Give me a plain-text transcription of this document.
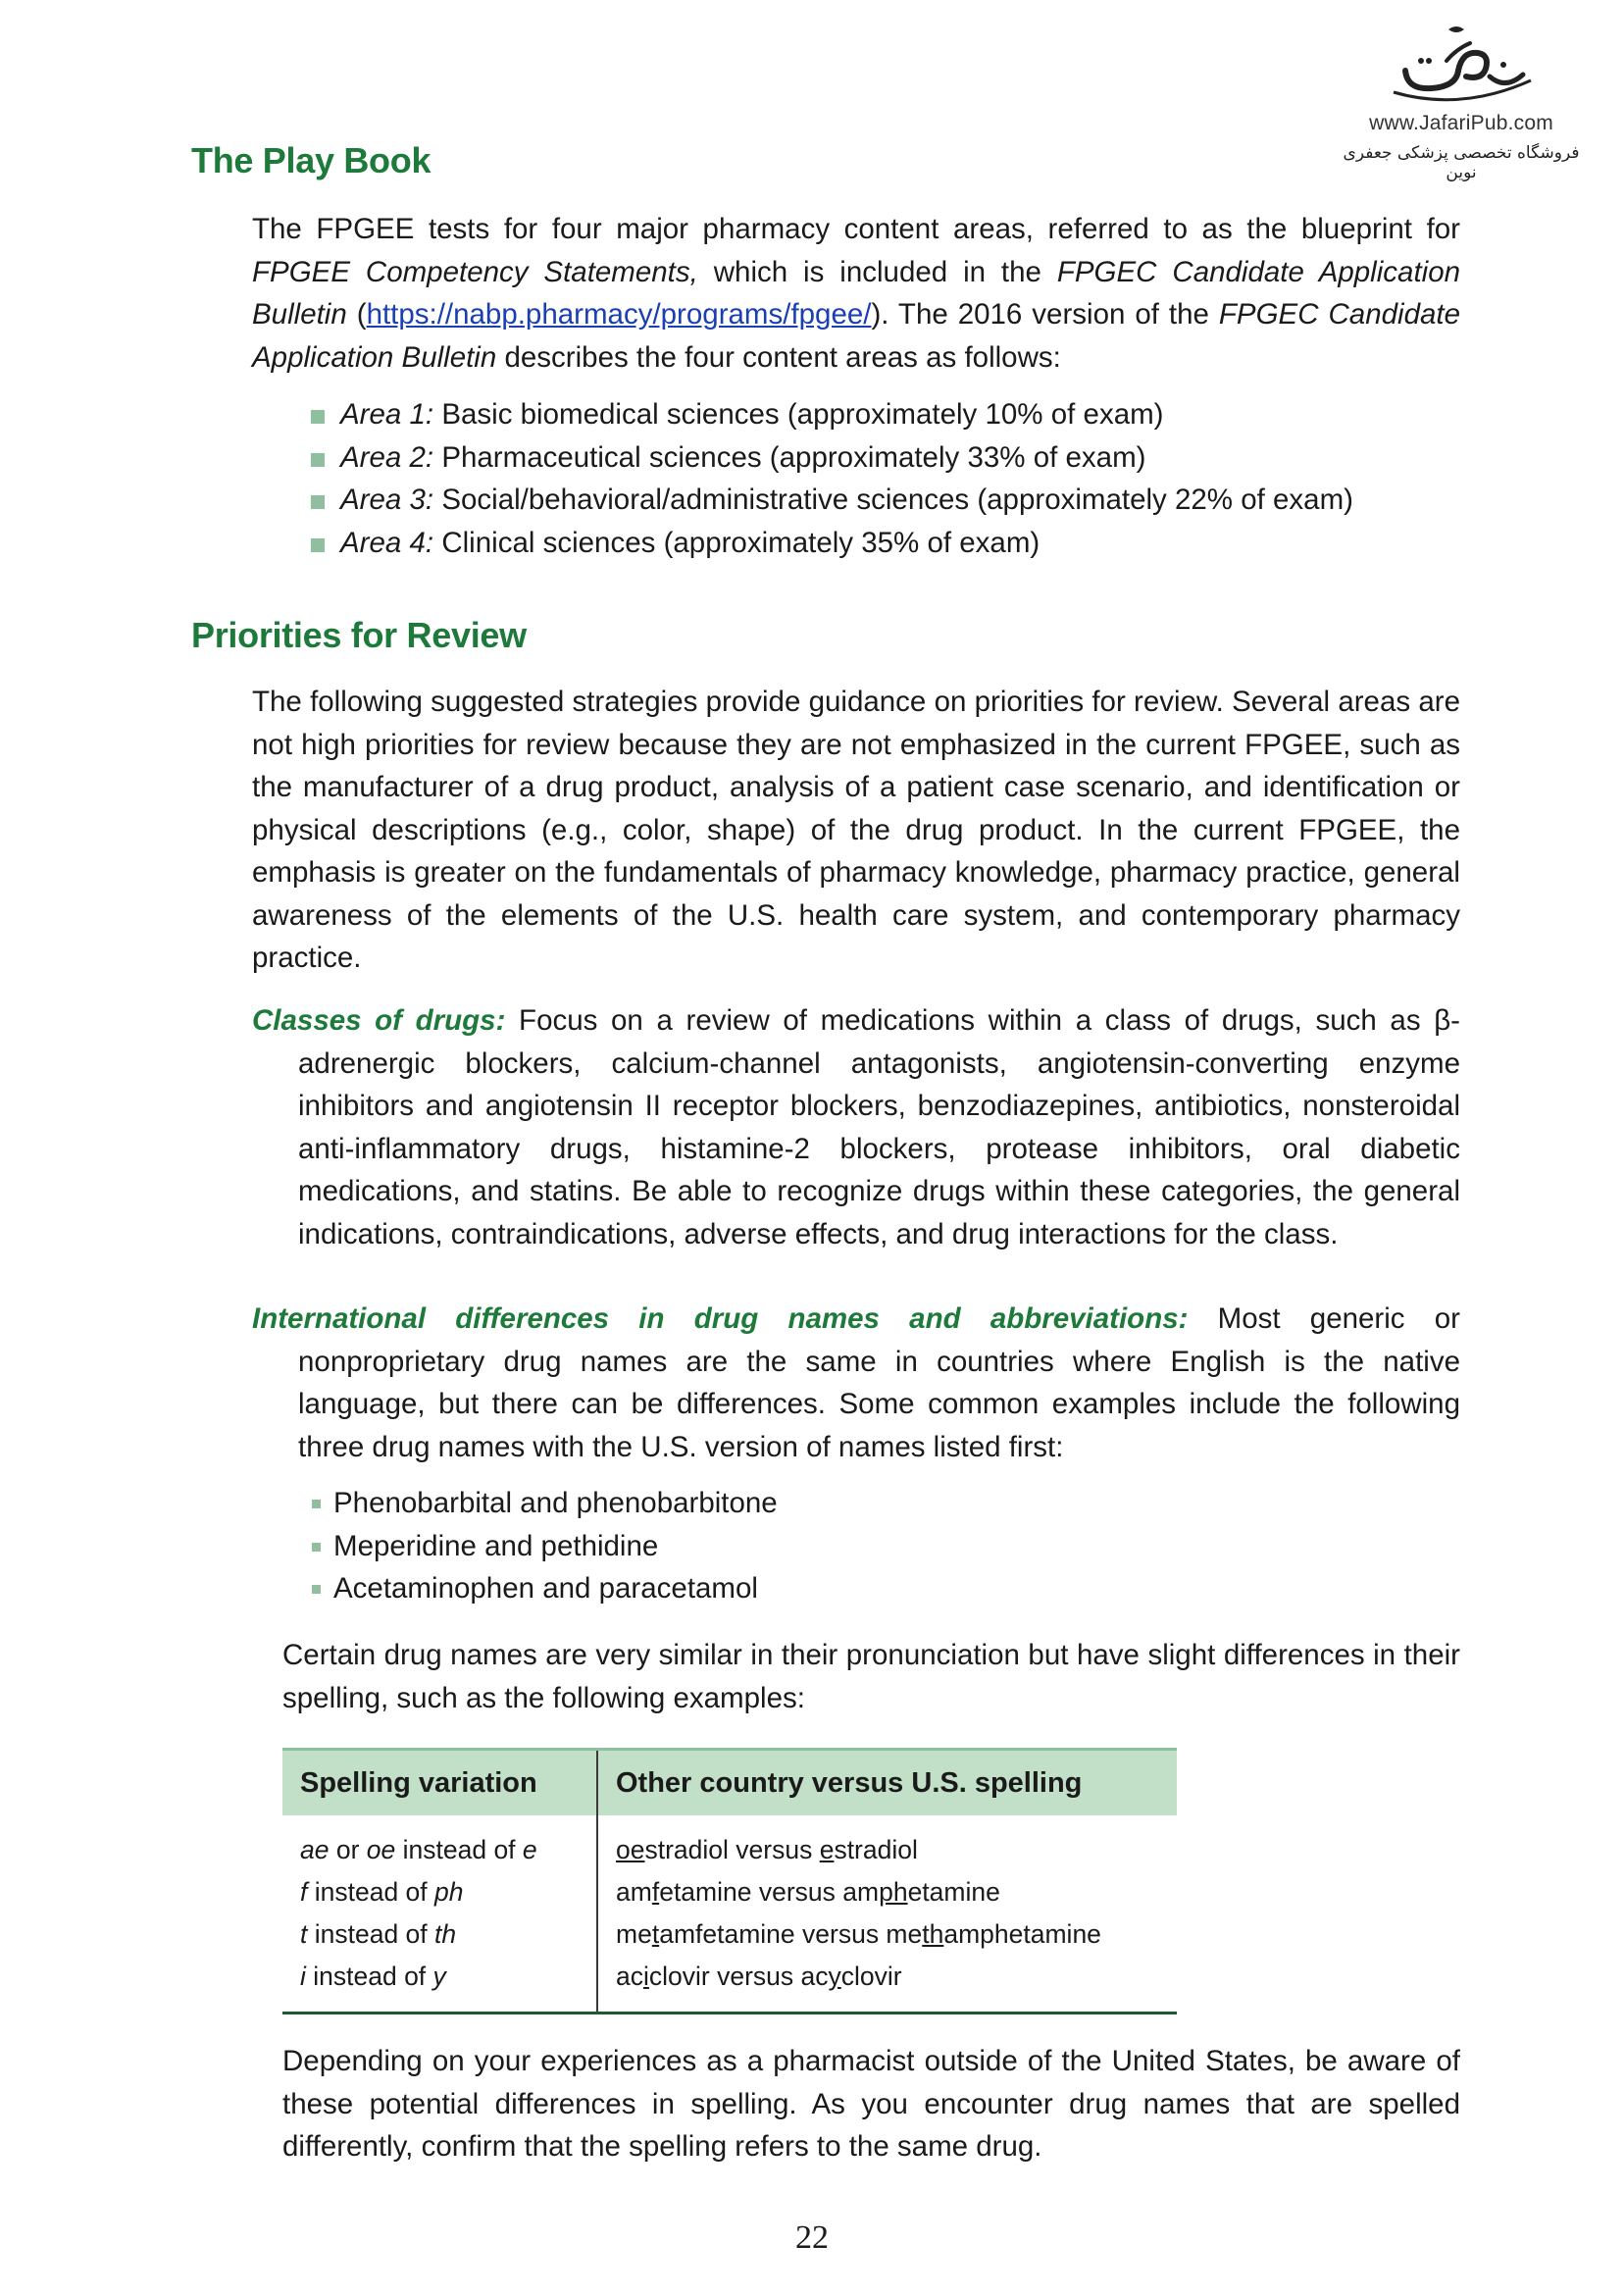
www.JafariPub.com
فروشگاه تخصصی پزشکی جعفری نوین
The Play Book

The FPGEE tests for four major pharmacy content areas, referred to as the blueprint for FPGEE Competency Statements, which is included in the FPGEC Candidate Application Bulletin (https://nabp.pharmacy/programs/fpgee/). The 2016 version of the FPGEC Candidate Application Bulletin describes the four content areas as follows:

Area 1: Basic biomedical sciences (approximately 10% of exam)
Area 2: Pharmaceutical sciences (approximately 33% of exam)
Area 3: Social/behavioral/administrative sciences (approximately 22% of exam)
Area 4: Clinical sciences (approximately 35% of exam)
Priorities for Review

The following suggested strategies provide guidance on priorities for review. Several areas are not high priorities for review because they are not emphasized in the current FPGEE, such as the manufacturer of a drug product, analysis of a patient case scenario, and identification or physical descriptions (e.g., color, shape) of the drug product. In the current FPGEE, the emphasis is greater on the fundamentals of pharmacy knowledge, pharmacy practice, general awareness of the elements of the U.S. health care system, and contemporary pharmacy practice.

Classes of drugs: Focus on a review of medications within a class of drugs, such as β-adrenergic blockers, calcium-channel antagonists, angiotensin-converting enzyme inhibitors and angiotensin II receptor blockers, benzodiazepines, antibiotics, nonsteroidal anti-inflammatory drugs, histamine-2 blockers, protease inhibitors, oral diabetic medications, and statins. Be able to recognize drugs within these categories, the general indications, contraindications, adverse effects, and drug interactions for the class.

International differences in drug names and abbreviations: Most generic or nonproprietary drug names are the same in countries where English is the native language, but there can be differences. Some common examples include the following three drug names with the U.S. version of names listed first:

Phenobarbital and phenobarbitone
Meperidine and pethidine
Acetaminophen and paracetamol

Certain drug names are very similar in their pronunciation but have slight differences in their spelling, such as the following examples:

Spelling variation	Other country versus U.S. spelling
ae or oe instead of e	oestradiol versus estradiol
f instead of ph	amfetamine versus amphetamine
t instead of th	metamfetamine versus methamphetamine
i instead of y	aciclovir versus acyclovir

Depending on your experiences as a pharmacist outside of the United States, be aware of these potential differences in spelling. As you encounter drug names that are spelled differently, confirm that the spelling refers to the same drug.

22
